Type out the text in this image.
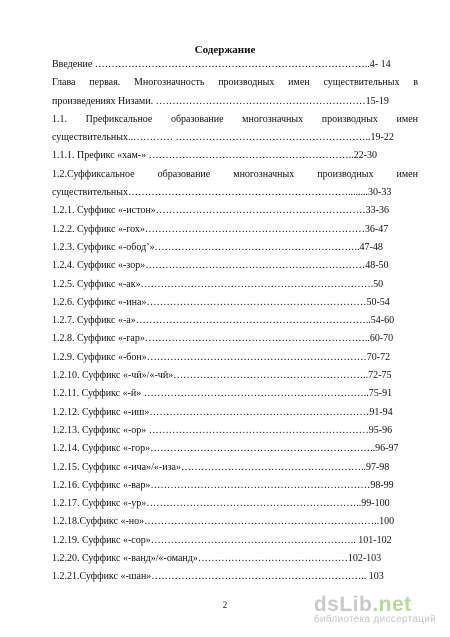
Содержание
Введение ………………………………………………………………………..4- 14
Глава первая. Многозначность производных имен существительных в
произведениях Низами. ………………………………………………………15-19
1.1. Префиксальное образование многозначных производных имен
существительных..………… …………………………………………………..19-22
1.1.1. Префикс «хам-» ……………………………………………………..22-30
1.2.Суффиксальное образование многозначных производных имен
существительных…………………………………………………………........30-33
1.2.1. Суффикс «-истон»………………………………………………………33-36
1.2.2. Суффикс «-гох»…………………………………………………………36-47
1.2.3. Суффикс «-ободʼ»……………………………………………………..47-48
1.2.4. Суффикс «-зор»…………………………………………………………48-50
1.2.5. Суффикс «-ак»…………………………………………………………….50
1.2.6. Суффикс «-ина»…………………………………………………………50-54
1.2.7. Суффикс «-а»……………………………………………………………..54-60
1.2.8. Суффикс «-гар»…………………………………………………………..60-70
1.2.9. Суффикс «-бон»…………………………………………………………70-72
1.2.10. Суффикс «-чӣ»/«-чӣ»…………………………………………………..72-75
1.2.11. Суффикс «-ӣ» …………………………………………………………..75-91
1.2.12. Суффикс «-иш»…………………………………………………………91-94
1.2.13. Суффикс «-ор» …………………………………………………………95-96
1.2.14. Суффикс «-гор»…………………………………………………………..96-97
1.2.15. Суффикс «-ича»/«-иза»………………………………………………..97-98
1.2.16. Суффикс «-вар»…………………………………………………………98-99
1.2.17. Суффикс «-ур»………………………………………………………..99-100
1.2.18.Суффикс «-но»……………………………………………………………..100
1.2.19. Суффикс «-сор»…………………………………………………….. 101-102
1.2.20. Суффикс «-ванд»/«-оманд»………………………………………102-103
1.2.21.Суффикс «-шан»……………………………………………………….. 103
2	dsLib.net
библиотека диссертаций
